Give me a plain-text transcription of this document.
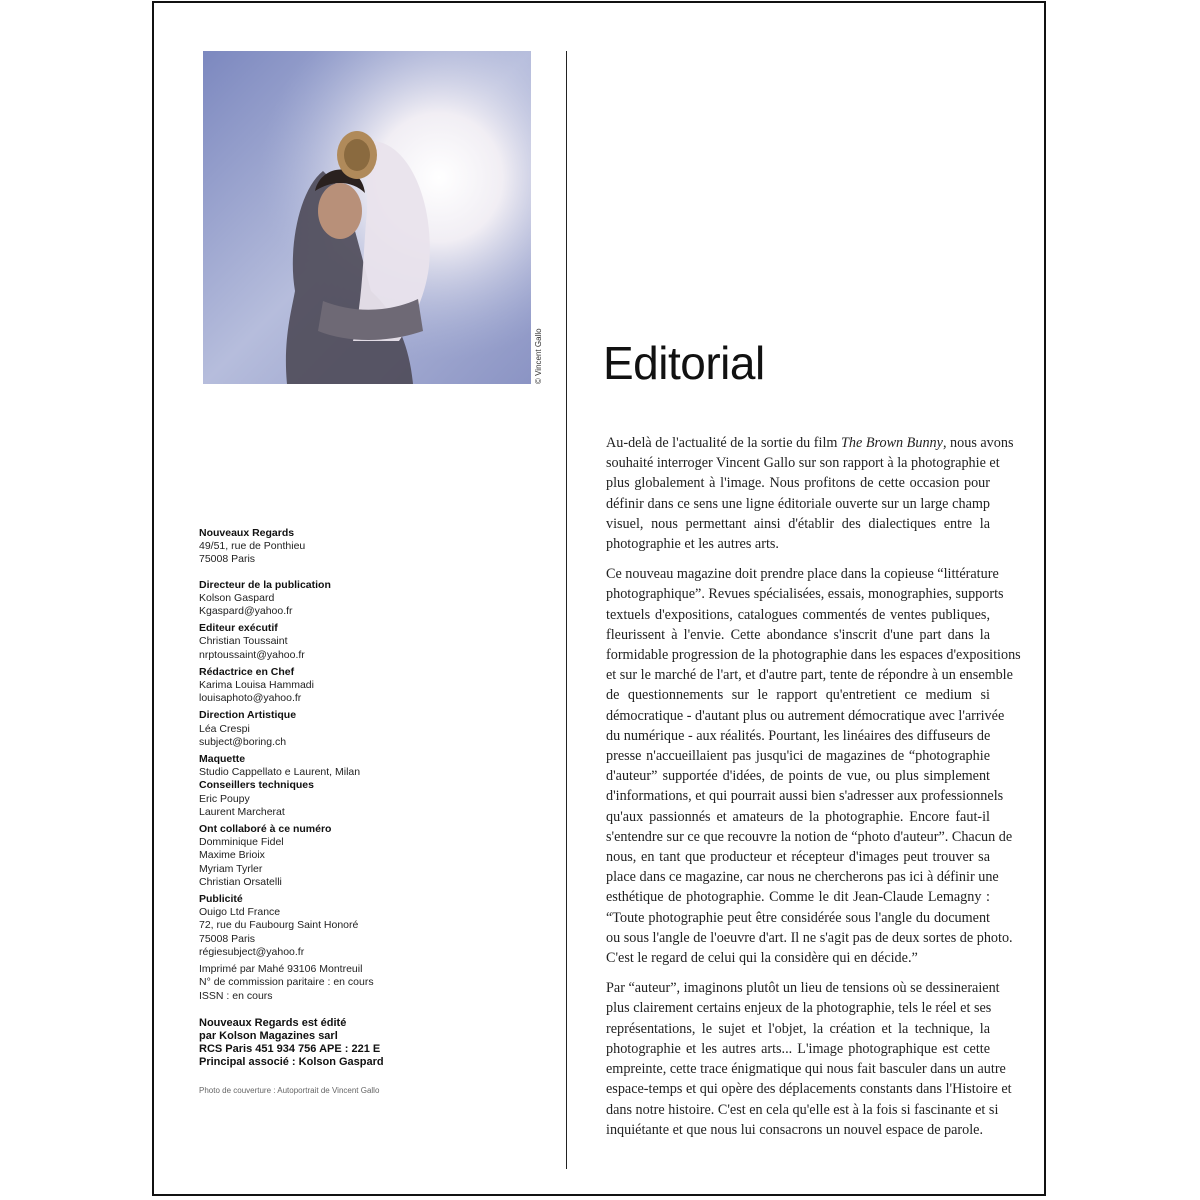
© Vincent Gallo
Nouveaux Regards
49/51, rue de Ponthieu
75008 Paris
Directeur de la publication
Kolson Gaspard
Kgaspard@yahoo.fr
Editeur exécutif
Christian Toussaint
nrptoussaint@yahoo.fr
Rédactrice en Chef
Karima Louisa Hammadi
louisaphoto@yahoo.fr
Direction Artistique
Léa Crespi
subject@boring.ch
Maquette
Studio Cappellato e Laurent, Milan
Conseillers techniques
Eric Poupy
Laurent Marcherat
Ont collaboré à ce numéro
Domminique Fidel
Maxime Brioix
Myriam Tyrler
Christian Orsatelli
Publicité
Ouigo Ltd France
72, rue du Faubourg Saint Honoré
75008 Paris
régiesubject@yahoo.fr
Imprimé par Mahé 93106 Montreuil
N° de commission paritaire : en cours
ISSN : en cours
Nouveaux Regards est édité
par Kolson Magazines sarl
RCS Paris 451 934 756 APE : 221 E
Principal associé : Kolson Gaspard
Photo de couverture : Autoportrait de Vincent Gallo
Editorial

Au-delà de l'actualité de la sortie du film The Brown Bunny, nous avons
souhaité interroger Vincent Gallo sur son rapport à la photographie et
plus globalement à l'image. Nous profitons de cette occasion pour
définir dans ce sens une ligne éditoriale ouverte sur un large champ
visuel, nous permettant ainsi d'établir des dialectiques entre la
photographie et les autres arts.

Ce nouveau magazine doit prendre place dans la copieuse “littérature
photographique”. Revues spécialisées, essais, monographies, supports
textuels d'expositions, catalogues commentés de ventes publiques,
fleurissent à l'envie. Cette abondance s'inscrit d'une part dans la
formidable progression de la photographie dans les espaces d'expositions
et sur le marché de l'art, et d'autre part, tente de répondre à un ensemble
de questionnements sur le rapport qu'entretient ce medium si
démocratique - d'autant plus ou autrement démocratique avec l'arrivée
du numérique - aux réalités. Pourtant, les linéaires des diffuseurs de
presse n'accueillaient pas jusqu'ici de magazines de “photographie
d'auteur” supportée d'idées, de points de vue, ou plus simplement
d'informations, et qui pourrait aussi bien s'adresser aux professionnels
qu'aux passionnés et amateurs de la photographie. Encore faut-il
s'entendre sur ce que recouvre la notion de “photo d'auteur”. Chacun de
nous, en tant que producteur et récepteur d'images peut trouver sa
place dans ce magazine, car nous ne chercherons pas ici à définir une
esthétique de photographie. Comme le dit Jean-Claude Lemagny :
“Toute photographie peut être considérée sous l'angle du document
ou sous l'angle de l'oeuvre d'art. Il ne s'agit pas de deux sortes de photo.
C'est le regard de celui qui la considère qui en décide.”

Par “auteur”, imaginons plutôt un lieu de tensions où se dessineraient
plus clairement certains enjeux de la photographie, tels le réel et ses
représentations, le sujet et l'objet, la création et la technique, la
photographie et les autres arts... L'image photographique est cette
empreinte, cette trace énigmatique qui nous fait basculer dans un autre
espace-temps et qui opère des déplacements constants dans l'Histoire et
dans notre histoire. C'est en cela qu'elle est à la fois si fascinante et si
inquiétante et que nous lui consacrons un nouvel espace de parole.
